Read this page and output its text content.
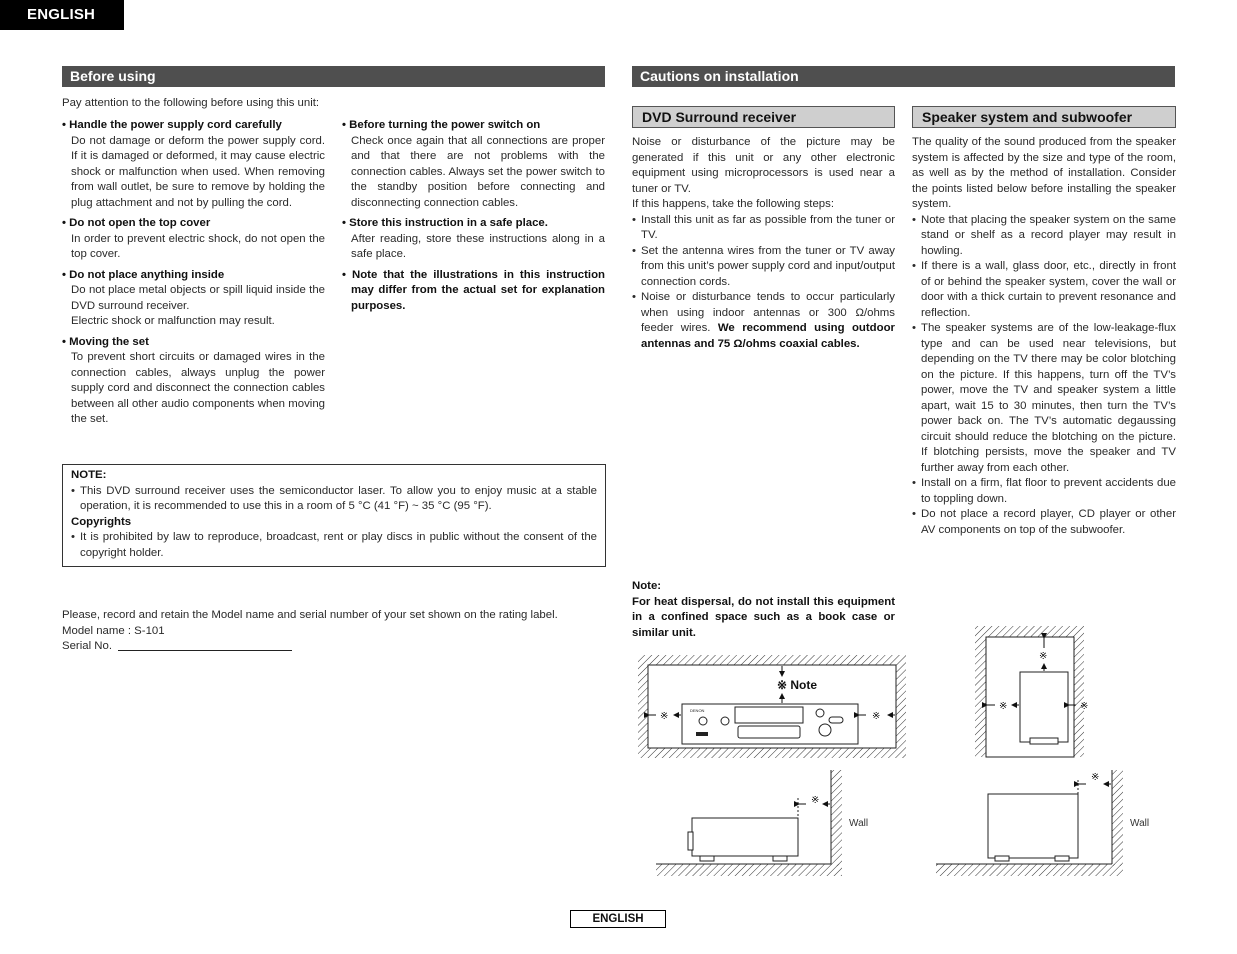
ENGLISH
Before using
Pay attention to the following before using this unit:
• Handle the power supply cord carefully
Do not damage or deform the power supply cord. If it is damaged or deformed, it may cause electric shock or malfunction when used. When removing from wall outlet, be sure to remove by holding the plug attachment and not by pulling the cord.
• Do not open the top cover
In order to prevent electric shock, do not open the top cover.
• Do not place anything inside
Do not place metal objects or spill liquid inside the DVD surround receiver.
Electric shock or malfunction may result.
• Moving the set
To prevent short circuits or damaged wires in the connection cables, always unplug the power supply cord and disconnect the connection cables between all other audio components when moving the set.
• Before turning the power switch on
Check once again that all connections are proper and that there are not problems with the connection cables. Always set the power switch to the standby position before connecting and disconnecting connection cables.
• Store this instruction in a safe place.
After reading, store these instructions along in a safe place.
• Note that the illustrations in this instruction may differ from the actual set for explanation purposes.
NOTE:
• This DVD surround receiver uses the semiconductor laser. To allow you to enjoy music at a stable operation, it is recommended to use this in a room of 5 °C (41 °F) ~ 35 °C (95 °F).
Copyrights
• It is prohibited by law to reproduce, broadcast, rent or play discs in public without the consent of the copyright holder.
Please, record and retain the Model name and serial number of your set shown on the rating label.
Model name : S-101
Serial No.
Cautions on installation
DVD Surround receiver	Speaker system and subwoofer
Noise or disturbance of the picture may be generated if this unit or any other electronic equipment using microprocessors is used near a tuner or TV.
If this happens, take the following steps:
• Install this unit as far as possible from the tuner or TV.
• Set the antenna wires from the tuner or TV away from this unit’s power supply cord and input/output connection cords.
• Noise or disturbance tends to occur particularly when using indoor antennas or 300 Ω/ohms feeder wires. We recommend using outdoor antennas and 75 Ω/ohms coaxial cables.
The quality of the sound produced from the speaker system is affected by the size and type of the room, as well as by the method of installation. Consider the points listed below before installing the speaker system.
• Note that placing the speaker system on the same stand or shelf as a record player may result in howling.
• If there is a wall, glass door, etc., directly in front of or behind the speaker system, cover the wall or door with a thick curtain to prevent resonance and reflection.
• The speaker systems are of the low-leakage-flux type and can be used near televisions, but depending on the TV there may be color blotching on the picture. If this happens, turn off the TV’s power, move the TV and speaker system a little apart, wait 15 to 30 minutes, then turn the TV’s power back on. The TV’s automatic degaussing circuit should reduce the blotching on the picture. If blotching persists, move the speaker and TV further away from each other.
• Install on a firm, flat floor to prevent accidents due to toppling down.
• Do not place a record player, CD player or other AV components on top of the subwoofer.
Note:
For heat dispersal, do not install this equipment in a confined space such as a book case or similar unit.
DENON
※ Note
※	※
※
※	※
※
Wall
※
Wall
ENGLISH
